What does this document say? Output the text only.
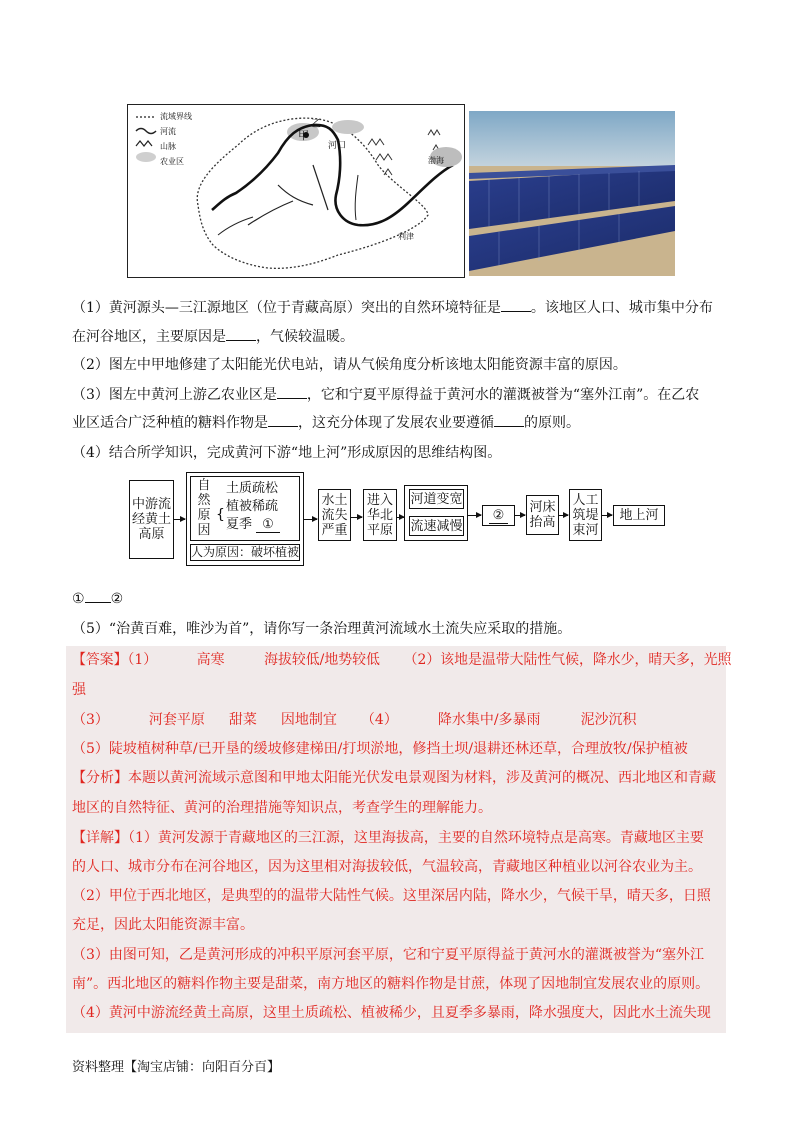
流域界线
河流
山脉
农业区
乙
甲
河口
渤海
利津
（1）黄河源头—三江源地区（位于青藏高原）突出的自然环境特征是 。该地区人口、城市集中分布
在河谷地区，主要原因是 ，气候较温暖。
（2）图左中甲地修建了太阳能光伏电站，请从气候角度分析该地太阳能资源丰富的原因。
（3）图左中黄河上游乙农业区是 ，它和宁夏平原得益于黄河水的灌溉被誉为“塞外江南”。在乙农
业区适合广泛种植的糖料作物是 ，这充分体现了发展农业要遵循 的原则。
（4）结合所学知识，完成黄河下游“地上河”形成原因的思维结构图。
中游流经黄土高原
自然原因
{
土质疏松
植被稀疏
夏季 ①
人为原因：破坏植被
水土流失严重
进入华北平原
河道变宽
流速减慢
②	河床抬高
人工筑堤束河
地上河
① ②
（5）“治黄百难，唯沙为首”，请你写一条治理黄河流域水土流失应采取的措施。
【答案】（1）	高寒	海拔较低/地势较低 （2）该地是温带大陆性气候，降水少，晴天多，光照
强
（3）	河套平原 甜菜 因地制宜 （4）	降水集中/多暴雨	泥沙沉积
（5）陡坡植树种草/已开垦的缓坡修建梯田/打坝淤地，修挡土坝/退耕还林还草，合理放牧/保护植被
【分析】本题以黄河流域示意图和甲地太阳能光伏发电景观图为材料，涉及黄河的概况、西北地区和青藏
地区的自然特征、黄河的治理措施等知识点，考查学生的理解能力。
【详解】（1）黄河发源于青藏地区的三江源，这里海拔高，主要的自然环境特点是高寒。青藏地区主要
的人口、城市分布在河谷地区，因为这里相对海拔较低，气温较高，青藏地区种植业以河谷农业为主。
（2）甲位于西北地区，是典型的的温带大陆性气候。这里深居内陆，降水少，气候干旱，晴天多，日照
充足，因此太阳能资源丰富。
（3）由图可知，乙是黄河形成的冲积平原河套平原，它和宁夏平原得益于黄河水的灌溉被誉为“塞外江
南”。西北地区的糖料作物主要是甜菜，南方地区的糖料作物是甘蔗，体现了因地制宜发展农业的原则。
（4）黄河中游流经黄土高原，这里土质疏松、植被稀少，且夏季多暴雨，降水强度大，因此水土流失现
资料整理【淘宝店铺：向阳百分百】
